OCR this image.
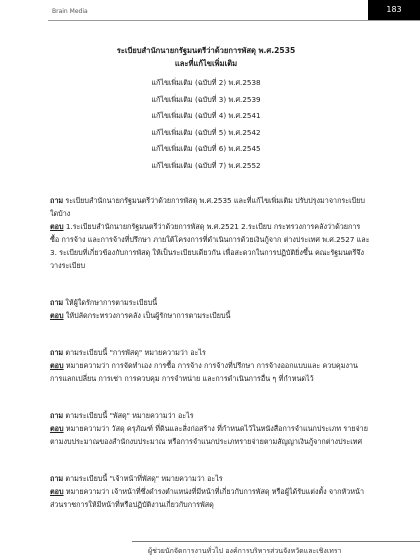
Brain Media	183
ระเบียบสำนักนายกรัฐมนตรีว่าด้วยการพัสดุ พ.ศ.2535
และที่แก้ไขเพิ่มเติม
แก้ไขเพิ่มเติม (ฉบับที่ 2) พ.ศ.2538
แก้ไขเพิ่มเติม (ฉบับที่ 3) พ.ศ.2539
แก้ไขเพิ่มเติม (ฉบับที่ 4) พ.ศ.2541
แก้ไขเพิ่มเติม (ฉบับที่ 5) พ.ศ.2542
แก้ไขเพิ่มเติม (ฉบับที่ 6) พ.ศ.2545
แก้ไขเพิ่มเติม (ฉบับที่ 7) พ.ศ.2552
ถาม ระเบียบสำนักนายกรัฐมนตรีว่าด้วยการพัสดุ พ.ศ.2535 และที่แก้ไขเพิ่มเติม ปรับปรุงมาจากระเบียบ
ใดบ้าง
ตอบ 1.ระเบียบสำนักนายกรัฐมนตรีว่าด้วยการพัสดุ พ.ศ.2521 2.ระเบียบ กระทรวงการคลังว่าด้วยการ
ซื้อ การจ้าง และการจ้างที่ปรึกษา ภายใต้โครงการที่ดำเนินการด้วยเงินกู้จาก ต่างประเทศ พ.ศ.2527 และ
3. ระเบียบที่เกี่ยวข้องกับการพัสดุ ให้เป็นระเบียบเดียวกัน เพื่อสะดวกในการปฏิบัติยิ่งขึ้น คณะรัฐมนตรีจึง
วางระเบียบ
ถาม ให้ผู้ใดรักษาการตามระเบียบนี้
ตอบ ให้ปลัดกระทรวงการคลัง เป็นผู้รักษาการตามระเบียบนี้
ถาม ตามระเบียบนี้ "การพัสดุ" หมายความว่า อะไร
ตอบ หมายความว่า การจัดทำเอง การซื้อ การจ้าง การจ้างที่ปรึกษา การจ้างออกแบบและ ควบคุมงาน
การแลกเปลี่ยน การเช่า การควบคุม การจำหน่าย และการดำเนินการอื่น ๆ ที่กำหนดไว้
ถาม ตามระเบียบนี้ "พัสดุ" หมายความว่า อะไร
ตอบ หมายความว่า วัสดุ ครุภัณฑ์ ที่ดินและสิ่งก่อสร้าง ที่กำหนดไว้ในหนังสือการจำแนกประเภท รายจ่าย
ตามงบประมาณของสำนักงบประมาณ หรือการจำแนกประเภทรายจ่ายตามสัญญาเงินกู้จากต่างประเทศ
ถาม ตามระเบียบนี้ "เจ้าหน้าที่พัสดุ" หมายความว่า อะไร
ตอบ หมายความว่า เจ้าหน้าที่ซึ่งดำรงตำแหน่งที่มีหน้าที่เกี่ยวกับการพัสดุ หรือผู้ได้รับแต่งตั้ง จากหัวหน้า
ส่วนราชการให้มีหน้าที่หรือปฏิบัติงานเกี่ยวกับการพัสดุ
ผู้ช่วยนักจัดการงานทั่วไป องค์การบริหารส่วนจังหวัดและเชิงเทรา
